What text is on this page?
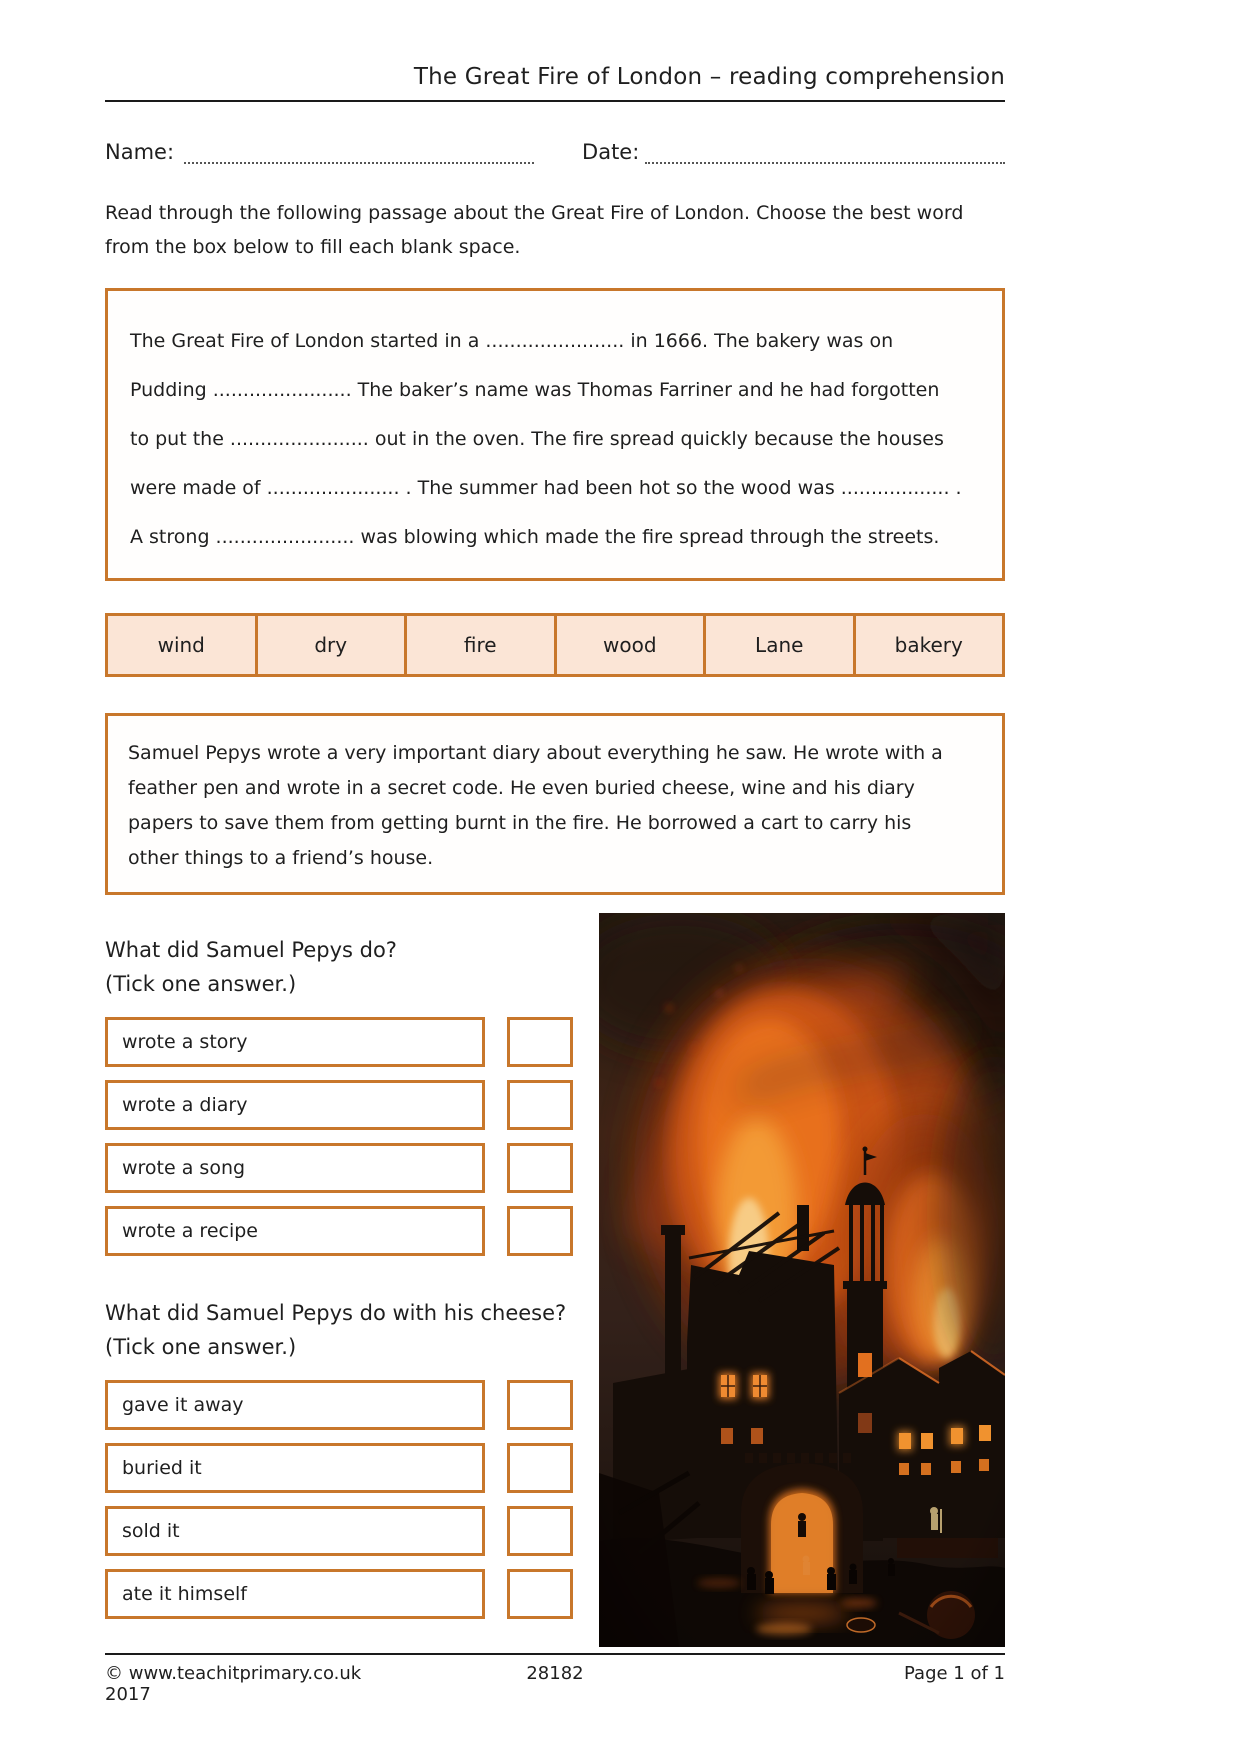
The Great Fire of London – reading comprehension
Name:	Date:
Read through the following passage about the Great Fire of London. Choose the best word from the box below to fill each blank space.
The Great Fire of London started in a ....................... in 1666. The bakery was on
Pudding ....................... The baker’s name was Thomas Farriner and he had forgotten
to put the ....................... out in the oven. The fire spread quickly because the houses
were made of ...................... . The summer had been hot so the wood was .................. .
A strong ....................... was blowing which made the fire spread through the streets.
wind	dry	fire	wood	Lane	bakery
Samuel Pepys wrote a very important diary about everything he saw. He wrote with a
feather pen and wrote in a secret code. He even buried cheese, wine and his diary
papers to save them from getting burnt in the fire. He borrowed a cart to carry his
other things to a friend’s house.
What did Samuel Pepys do?
(Tick one answer.)
wrote a story
wrote a diary
wrote a song
wrote a recipe
What did Samuel Pepys do with his cheese?
(Tick one answer.)
gave it away
buried it
sold it
ate it himself
© www.teachitprimary.co.uk 2017
28182	Page 1 of 1
